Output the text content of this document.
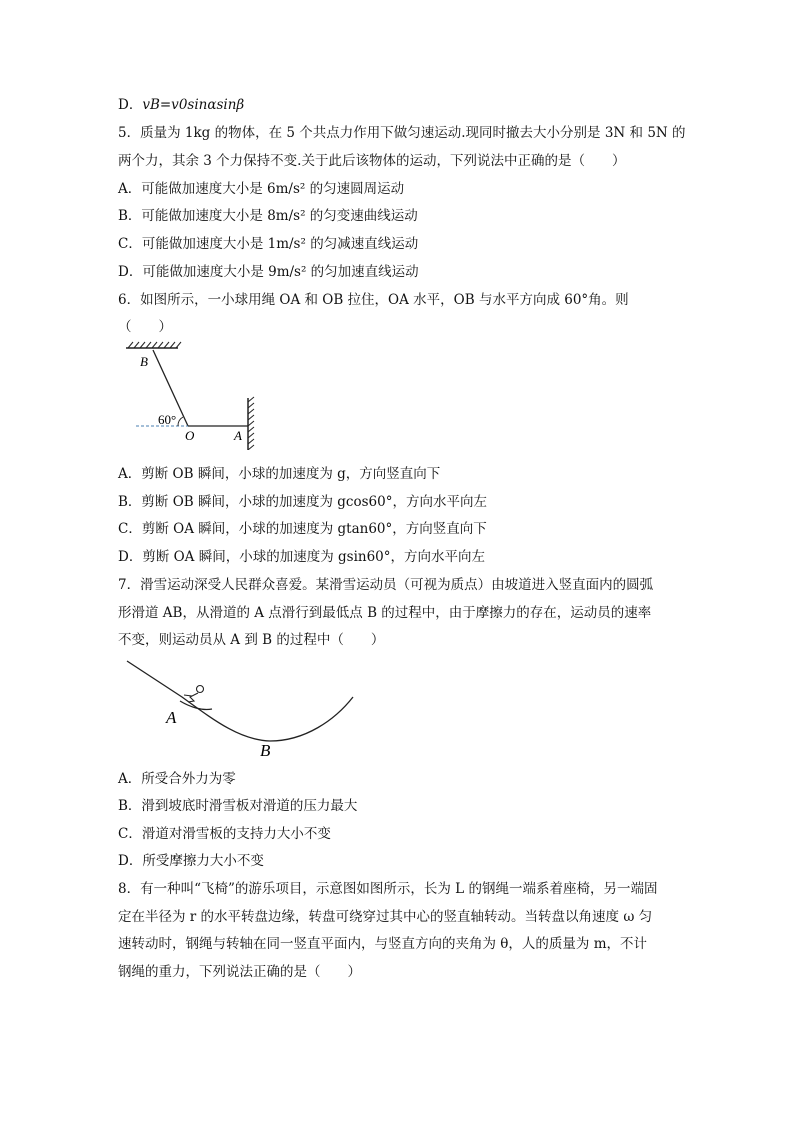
D．vB=v0sinαsinβ
5．质量为 1kg 的物体，在 5 个共点力作用下做匀速运动.现同时撤去大小分别是 3N 和 5N 的
两个力，其余 3 个力保持不变.关于此后该物体的运动，下列说法中正确的是（　　）
A．可能做加速度大小是 6m/s² 的匀速圆周运动
B．可能做加速度大小是 8m/s² 的匀变速曲线运动
C．可能做加速度大小是 1m/s² 的匀减速直线运动
D．可能做加速度大小是 9m/s² 的匀加速直线运动
6．如图所示，一小球用绳 OA 和 OB 拉住，OA 水平，OB 与水平方向成 60°角。则
（　　）
B
60°
O	A
A．剪断 OB 瞬间，小球的加速度为 g，方向竖直向下
B．剪断 OB 瞬间，小球的加速度为 gcos60°，方向水平向左
C．剪断 OA 瞬间，小球的加速度为 gtan60°，方向竖直向下
D．剪断 OA 瞬间，小球的加速度为 gsin60°，方向水平向左
7．滑雪运动深受人民群众喜爱。某滑雪运动员（可视为质点）由坡道进入竖直面内的圆弧
形滑道 AB，从滑道的 A 点滑行到最低点 B 的过程中，由于摩擦力的存在，运动员的速率
不变，则运动员从 A 到 B 的过程中（　　）
A
B
A．所受合外力为零
B．滑到坡底时滑雪板对滑道的压力最大
C．滑道对滑雪板的支持力大小不变
D．所受摩擦力大小不变
8．有一种叫“飞椅”的游乐项目，示意图如图所示，长为 L 的钢绳一端系着座椅，另一端固
定在半径为 r 的水平转盘边缘，转盘可绕穿过其中心的竖直轴转动。当转盘以角速度 ω 匀
速转动时，钢绳与转轴在同一竖直平面内，与竖直方向的夹角为 θ，人的质量为 m，不计
钢绳的重力，下列说法正确的是（　　）
